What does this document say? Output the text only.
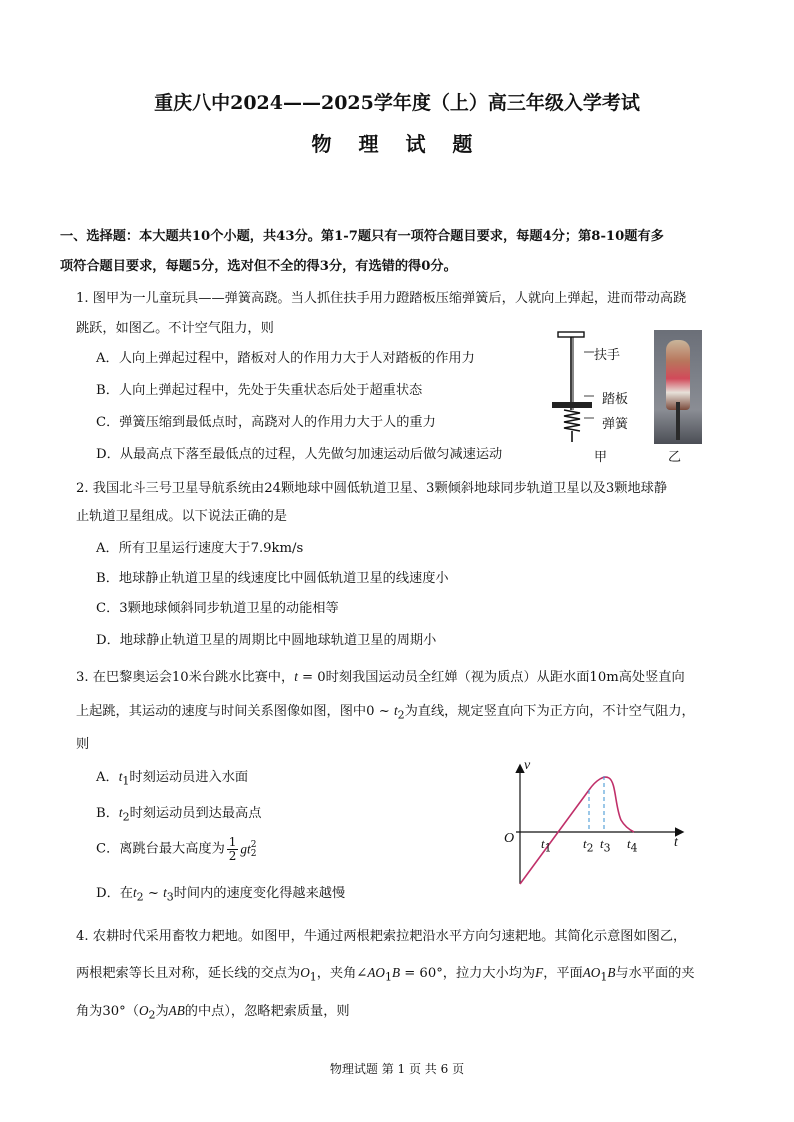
重庆八中2024——2025学年度（上）高三年级入学考试
物 理 试 题
一、选择题：本大题共10个小题，共43分。第1-7题只有一项符合题目要求，每题4分；第8-10题有多
项符合题目要求，每题5分，选对但不全的得3分，有选错的得0分。
1. 图甲为一儿童玩具——弹簧高跷。当人抓住扶手用力蹬踏板压缩弹簧后，人就向上弹起，进而带动高跷
跳跃，如图乙。不计空气阻力，则
A．人向上弹起过程中，踏板对人的作用力大于人对踏板的作用力
B．人向上弹起过程中，先处于失重状态后处于超重状态
C．弹簧压缩到最低点时，高跷对人的作用力大于人的重力
D．从最高点下落至最低点的过程，人先做匀加速运动后做匀减速运动
扶手
踏板
弹簧
甲	乙
2. 我国北斗三号卫星导航系统由24颗地球中圆低轨道卫星、3颗倾斜地球同步轨道卫星以及3颗地球静
止轨道卫星组成。以下说法正确的是
A．所有卫星运行速度大于7.9km/s
B．地球静止轨道卫星的线速度比中圆低轨道卫星的线速度小
C．3颗地球倾斜同步轨道卫星的动能相等
D．地球静止轨道卫星的周期比中圆地球轨道卫星的周期小
3. 在巴黎奥运会10米台跳水比赛中，t = 0时刻我国运动员全红婵（视为质点）从距水面10m高处竖直向
上起跳，其运动的速度与时间关系图像如图，图中0 ~ $t_2$为直线，规定竖直向下为正方向，不计空气阻力，
则
A．$t_1$时刻运动员进入水面
B．$t_2$时刻运动员到达最高点
C．离跳台最大高度为 $\frac{1}{2}$ gt 2
2
D．在$t_2$ ~ $t_3$时间内的速度变化得越来越慢
v
O	t
$t_1$ $t_2$ $t_3$ $t_4$
4. 农耕时代采用畜牧力耙地。如图甲，牛通过两根耙索拉耙沿水平方向匀速耙地。其简化示意图如图乙，
两根耙索等长且对称，延长线的交点为$O_1$，夹角$\angle AO_1B = 60^\circ$，拉力大小均为F，平面$AO_1B$与水平面的夹
角为$30^\circ(O_2$为AB的中点），忽略耙索质量，则
物理试题 第 1 页 共 6 页
